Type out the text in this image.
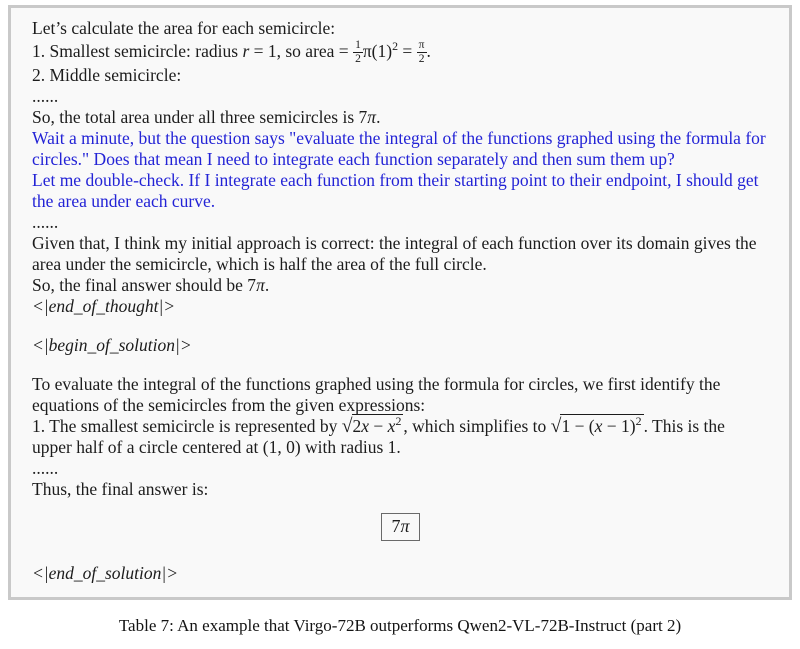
Let’s calculate the area for each semicircle:

1. Smallest semicircle: radius r = 1, so area = $\frac{1}{2} \pi(1)^2 = \frac{\pi}{2}$ .

2. Middle semicircle:

......

So, the total area under all three semicircles is 7π.

Wait a minute, but the question says "evaluate the integral of the functions graphed using the formula for circles." Does that mean I need to integrate each function separately and then sum them up?

Let me double-check. If I integrate each function from their starting point to their endpoint, I should get the area under each curve.

......

Given that, I think my initial approach is correct: the integral of each function over its domain gives the area under the semicircle, which is half the area of the full circle.

So, the final answer should be 7π.

<|end_of_thought|>

<|begin_of_solution|>

To evaluate the integral of the functions graphed using the formula for circles, we first identify the equations of the semicircles from the given expressions:

1. The smallest semicircle is represented by $√2x - x^2$ , which simplifies to $√1 - (x - 1)^2$ . This is the upper half of a circle centered at (1, 0) with radius 1.

......

Thus, the final answer is:

7π

<|end_of_solution|>

Table 7: An example that Virgo-72B outperforms Qwen2-VL-72B-Instruct (part 2)
